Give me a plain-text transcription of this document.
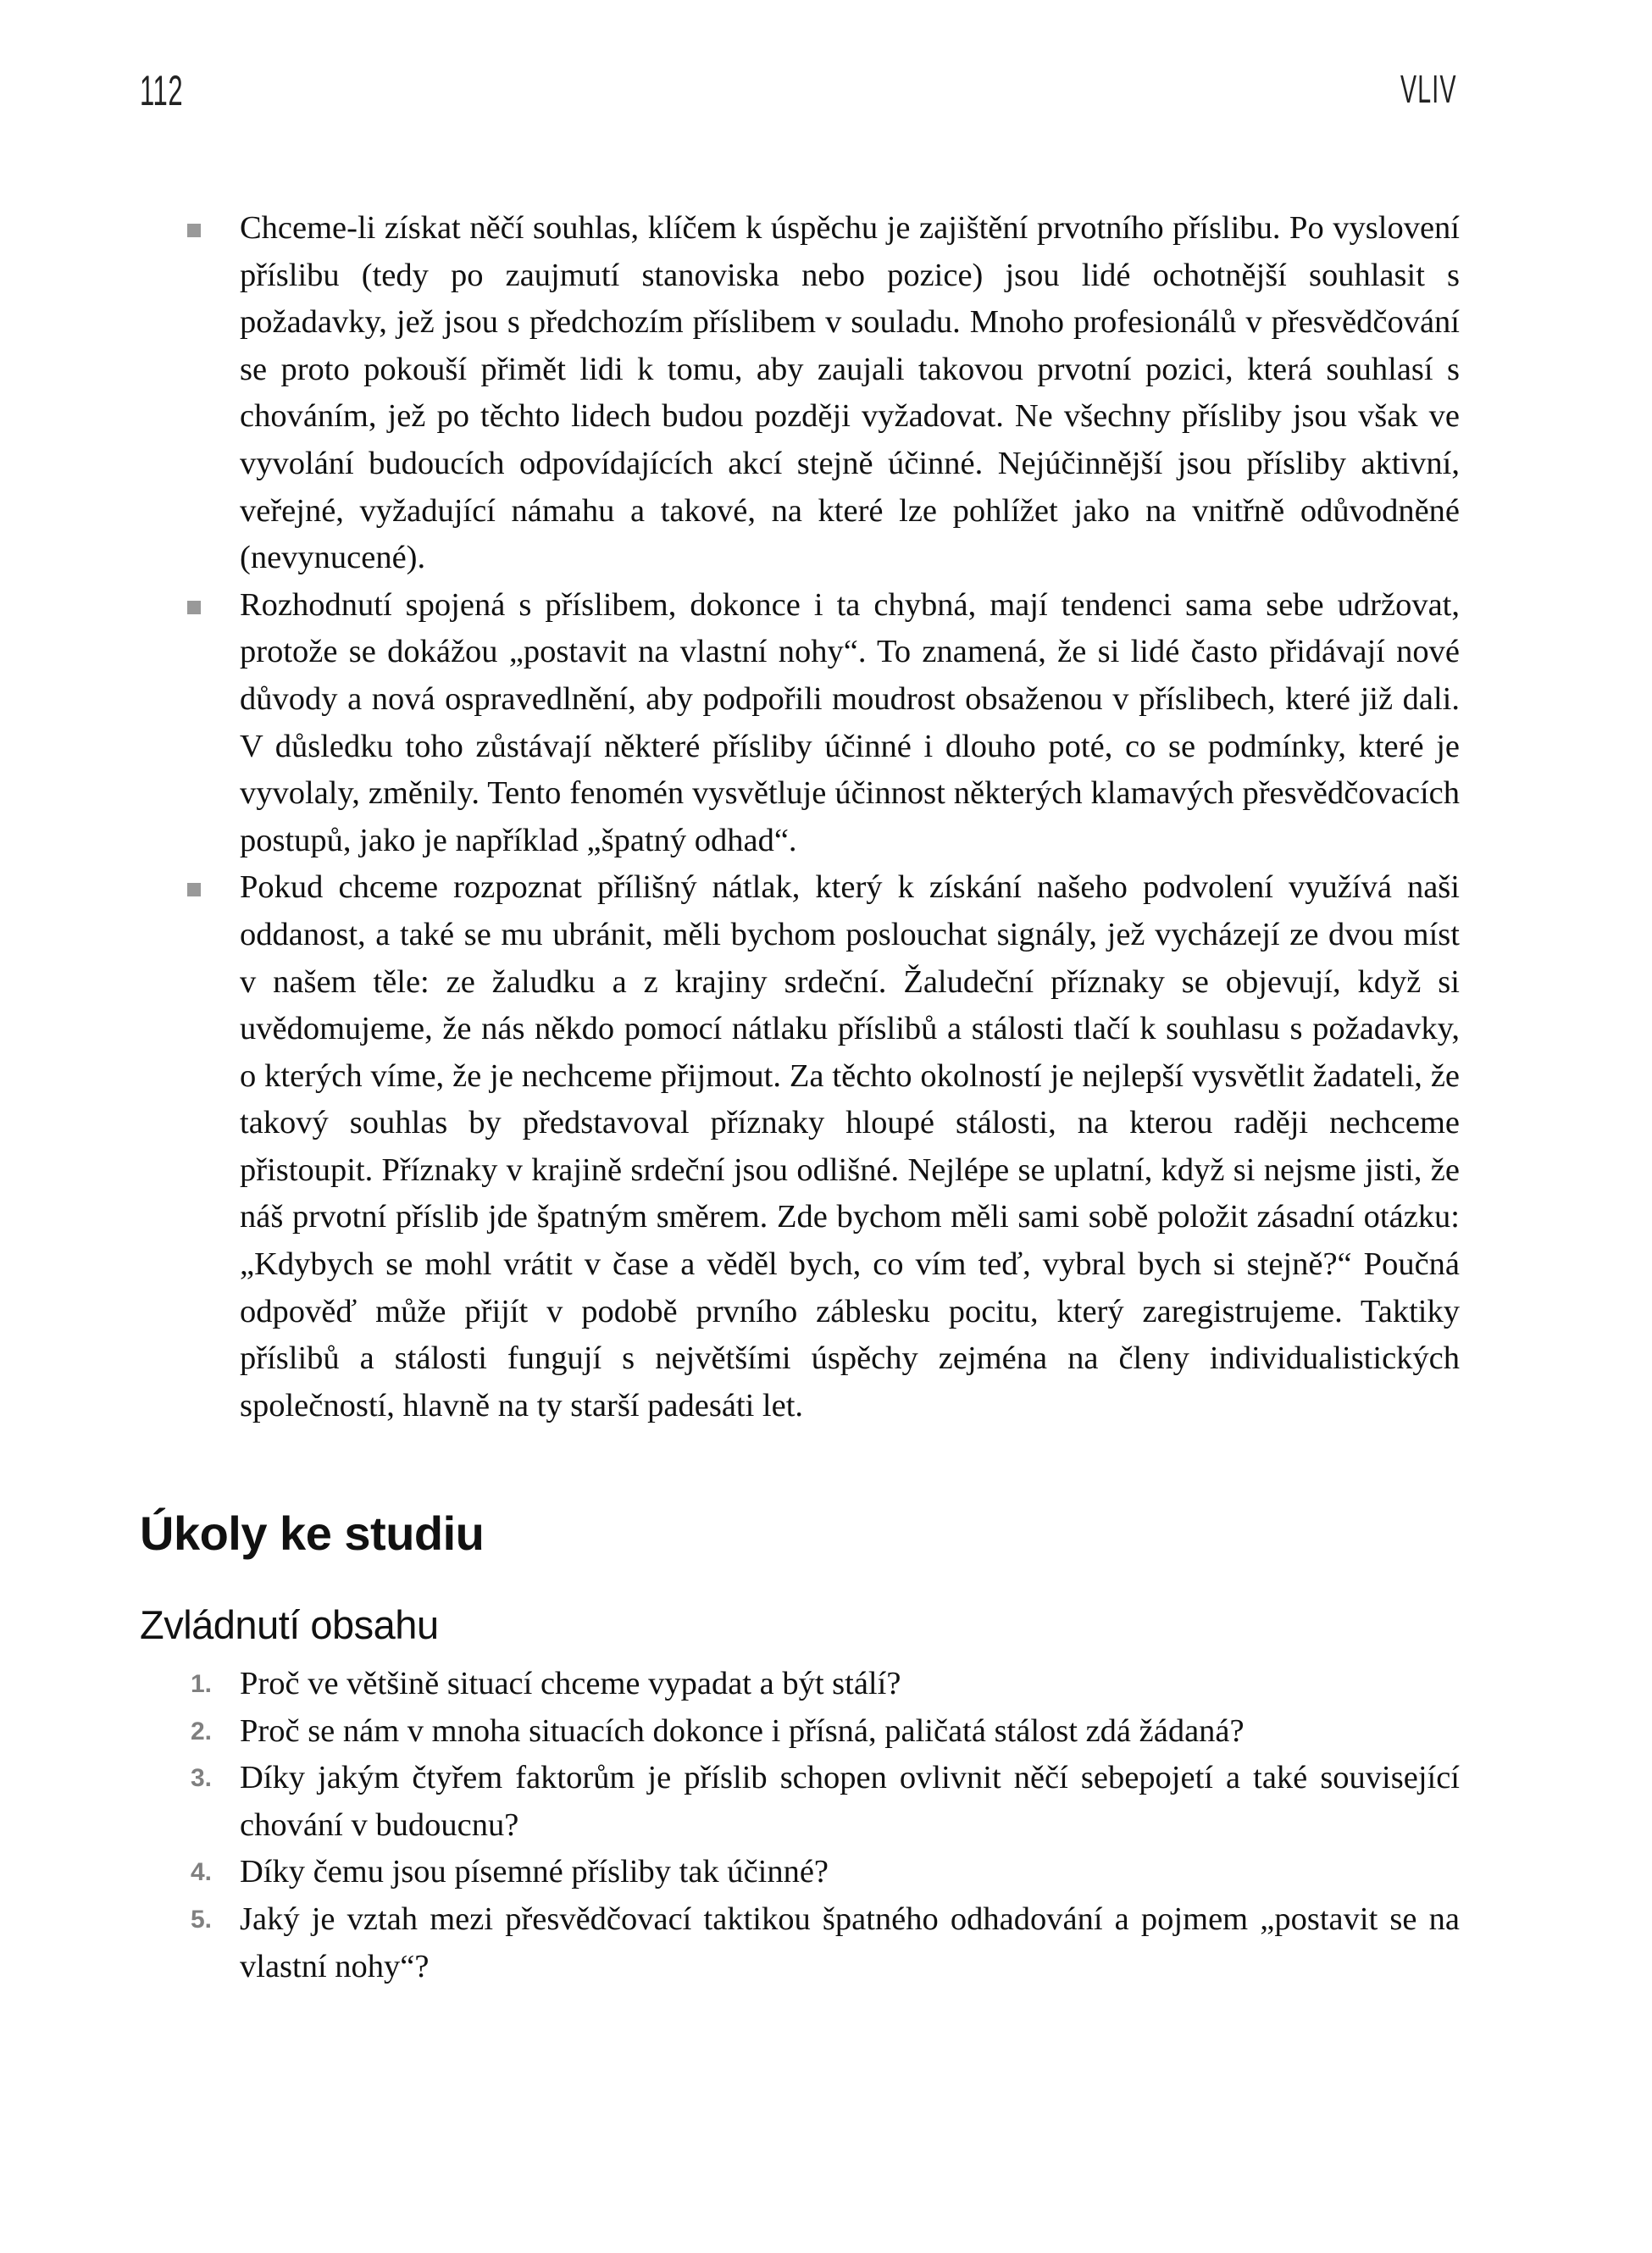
112	VLIV
Chceme-li získat něčí souhlas, klíčem k úspěchu je zajištění prvotního příslibu. Po vyslovení příslibu (tedy po zaujmutí stanoviska nebo pozice) jsou lidé ochotnější souhlasit s požadavky, jež jsou s předchozím příslibem v souladu. Mnoho profesionálů v přesvědčování se proto pokouší přimět lidi k tomu, aby zaujali takovou prvotní pozici, která souhlasí s chováním, jež po těchto lidech budou později vyžadovat. Ne všechny přísliby jsou však ve vyvolání budoucích odpovídajících akcí stejně účinné. Nejúčinnější jsou přísliby aktivní, veřejné, vyžadující námahu a takové, na které lze pohlížet jako na vnitřně odůvodněné (nevynucené).
Rozhodnutí spojená s příslibem, dokonce i ta chybná, mají tendenci sama sebe udržovat, protože se dokážou „postavit na vlastní nohy“. To znamená, že si lidé často přidávají nové důvody a nová ospravedlnění, aby podpořili moudrost obsaženou v příslibech, které již dali. V důsledku toho zůstávají některé přísliby účinné i dlouho poté, co se podmínky, které je vyvolaly, změnily. Tento fenomén vysvětluje účinnost některých klamavých přesvědčovacích postupů, jako je například „špatný odhad“.
Pokud chceme rozpoznat přílišný nátlak, který k získání našeho podvolení využívá naši oddanost, a také se mu ubránit, měli bychom poslouchat signály, jež vycházejí ze dvou míst v našem těle: ze žaludku a z krajiny srdeční. Žaludeční příznaky se objevují, když si uvědomujeme, že nás někdo pomocí nátlaku příslibů a stálosti tlačí k souhlasu s požadavky, o kterých víme, že je nechceme přijmout. Za těchto okolností je nejlepší vysvětlit žadateli, že takový souhlas by představoval příznaky hloupé stálosti, na kterou raději nechceme přistoupit. Příznaky v krajině srdeční jsou odlišné. Nejlépe se uplatní, když si nejsme jisti, že náš prvotní příslib jde špatným směrem. Zde bychom měli sami sobě položit zásadní otázku: „Kdybych se mohl vrátit v čase a věděl bych, co vím teď, vybral bych si stejně?“ Poučná odpověď může přijít v podobě prvního záblesku pocitu, který zaregistrujeme. Taktiky příslibů a stálosti fungují s největšími úspěchy zejména na členy individualistických společností, hlavně na ty starší padesáti let.
Úkoly ke studiu
Zvládnutí obsahu
1. Proč ve většině situací chceme vypadat a být stálí?
2. Proč se nám v mnoha situacích dokonce i přísná, paličatá stálost zdá žádaná?
3. Díky jakým čtyřem faktorům je příslib schopen ovlivnit něčí sebepojetí a také související chování v budoucnu?
4. Díky čemu jsou písemné přísliby tak účinné?
5. Jaký je vztah mezi přesvědčovací taktikou špatného odhadování a pojmem „postavit se na vlastní nohy“?
